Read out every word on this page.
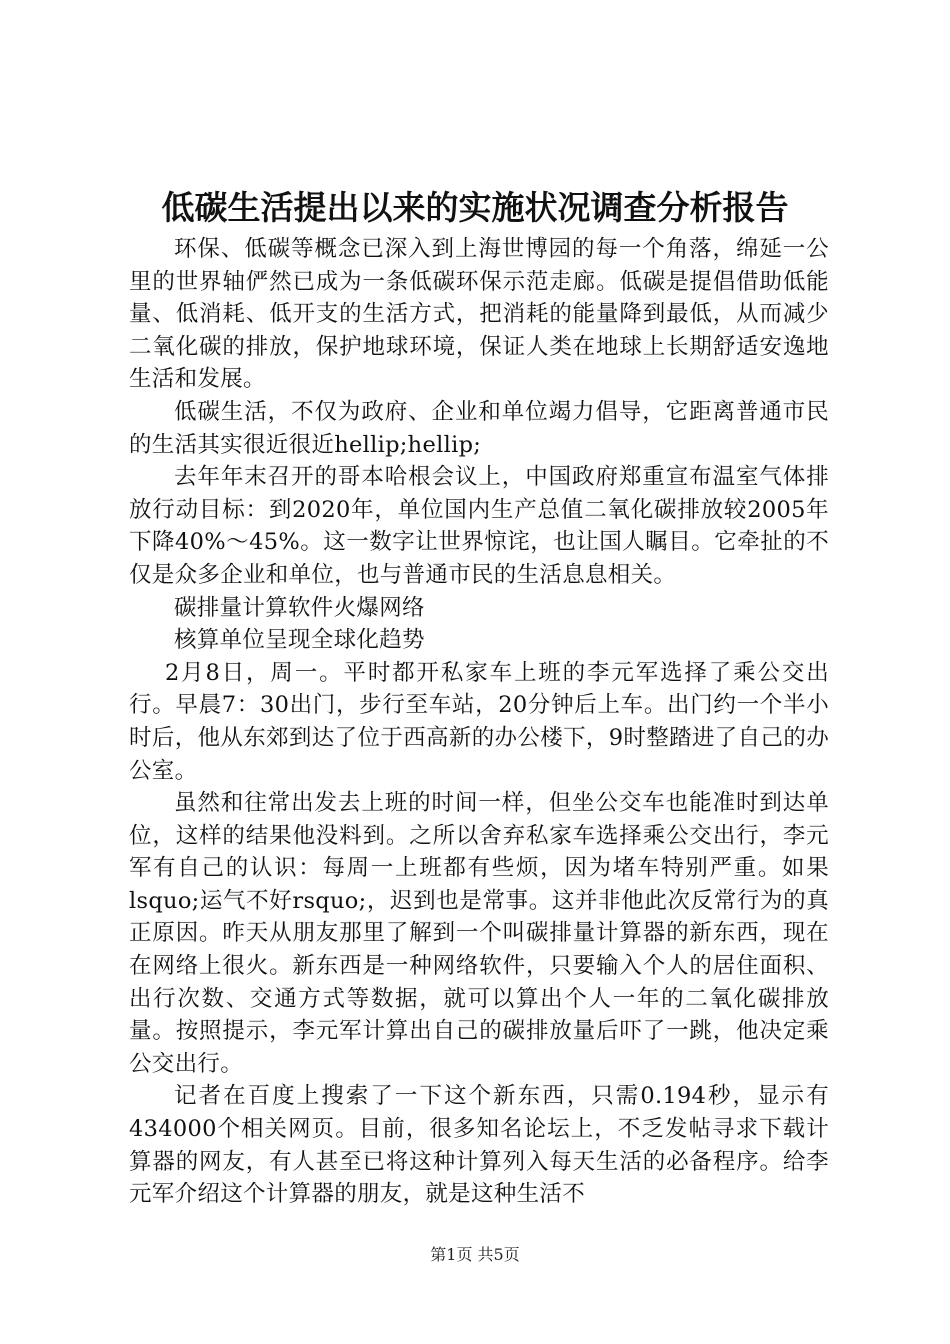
低碳生活提出以来的实施状况调查分析报告

环保、低碳等概念已深入到上海世博园的每一个角落，绵延一公里的世界轴俨然已成为一条低碳环保示范走廊。低碳是提倡借助低能量、低消耗、低开支的生活方式，把消耗的能量降到最低，从而减少二氧化碳的排放，保护地球环境，保证人类在地球上长期舒适安逸地生活和发展。

低碳生活，不仅为政府、企业和单位竭力倡导，它距离普通市民的生活其实很近很近hellip;hellip;

去年年末召开的哥本哈根会议上，中国政府郑重宣布温室气体排放行动目标：到2020年，单位国内生产总值二氧化碳排放较2005年下降40%～45%。这一数字让世界惊诧，也让国人瞩目。它牵扯的不仅是众多企业和单位，也与普通市民的生活息息相关。

碳排量计算软件火爆网络

核算单位呈现全球化趋势

2月8日，周一。平时都开私家车上班的李元军选择了乘公交出行。早晨7：30出门，步行至车站，20分钟后上车。出门约一个半小时后，他从东郊到达了位于西高新的办公楼下，9时整踏进了自己的办公室。

虽然和往常出发去上班的时间一样，但坐公交车也能准时到达单位，这样的结果他没料到。之所以舍弃私家车选择乘公交出行，李元军有自己的认识：每周一上班都有些烦，因为堵车特别严重。如果lsquo;运气不好rsquo;，迟到也是常事。这并非他此次反常行为的真正原因。昨天从朋友那里了解到一个叫碳排量计算器的新东西，现在在网络上很火。新东西是一种网络软件，只要输入个人的居住面积、出行次数、交通方式等数据，就可以算出个人一年的二氧化碳排放量。按照提示，李元军计算出自己的碳排放量后吓了一跳，他决定乘公交出行。

记者在百度上搜索了一下这个新东西，只需0.194秒，显示有434000个相关网页。目前，很多知名论坛上，不乏发帖寻求下载计算器的网友，有人甚至已将这种计算列入每天生活的必备程序。给李元军介绍这个计算器的朋友，就是这种生活不

第1页 共5页
